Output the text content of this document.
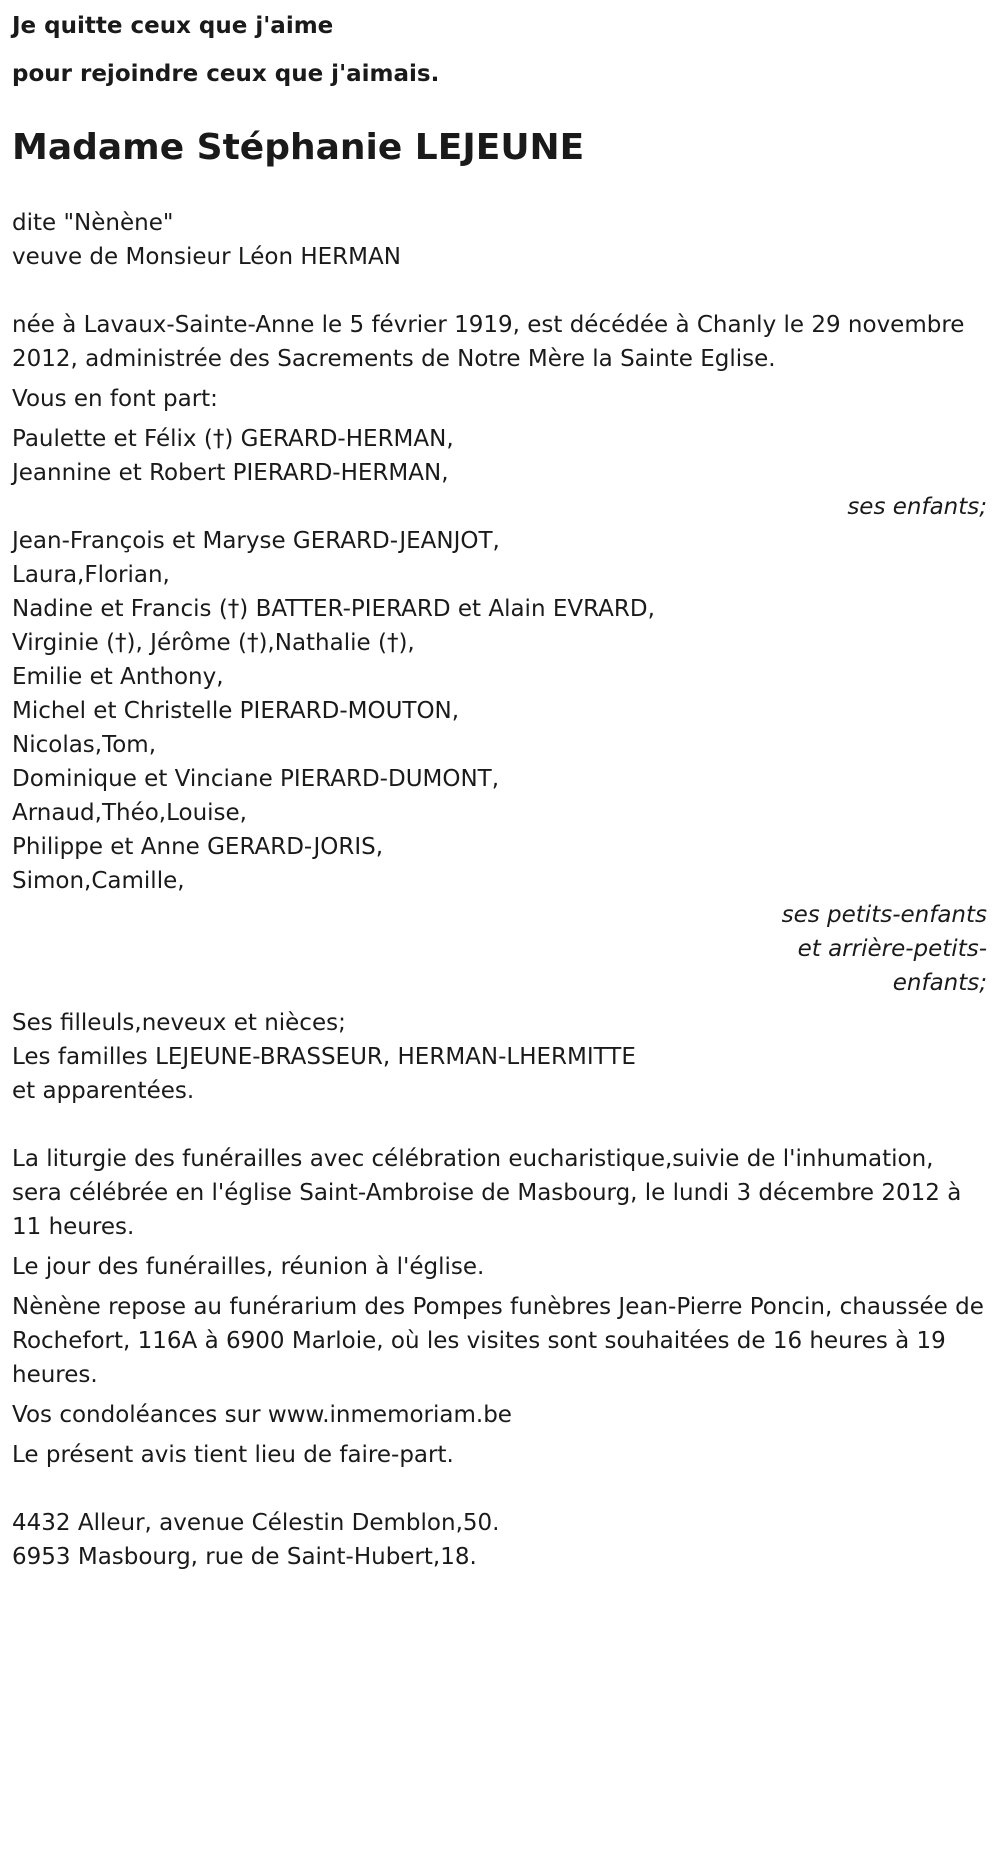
Je quitte ceux que j'aime
pour rejoindre ceux que j'aimais.
Madame Stéphanie LEJEUNE
dite "Nènène"
veuve de Monsieur Léon HERMAN

née à Lavaux-Sainte-Anne le 5 février 1919, est décédée à Chanly le 29 novembre 2012, administrée des Sacrements de Notre Mère la Sainte Eglise.

Vous en font part:
Paulette et Félix (†) GERARD-HERMAN,
Jeannine et Robert PIERARD-HERMAN,
ses enfants;
Jean-François et Maryse GERARD-JEANJOT,
Laura,Florian,
Nadine et Francis (†) BATTER-PIERARD et Alain EVRARD,
Virginie (†), Jérôme (†),Nathalie (†),
Emilie et Anthony,
Michel et Christelle PIERARD-MOUTON,
Nicolas,Tom,
Dominique et Vinciane PIERARD-DUMONT,
Arnaud,Théo,Louise,
Philippe et Anne GERARD-JORIS,
Simon,Camille,
ses petits-enfants
et arrière-petits-
enfants;
Ses filleuls,neveux et nièces;
Les familles LEJEUNE-BRASSEUR, HERMAN-LHERMITTE
et apparentées.

La liturgie des funérailles avec célébration eucharistique,suivie de l'inhumation, sera célébrée en l'église Saint-Ambroise de Masbourg, le lundi 3 décembre 2012 à 11 heures.

Le jour des funérailles, réunion à l'église.

Nènène repose au funérarium des Pompes funèbres Jean-Pierre Poncin, chaussée de Rochefort, 116A à 6900 Marloie, où les visites sont souhaitées de 16 heures à 19 heures.

Vos condoléances sur www.inmemoriam.be

Le présent avis tient lieu de faire-part.

4432 Alleur, avenue Célestin Demblon,50.
6953 Masbourg, rue de Saint-Hubert,18.
